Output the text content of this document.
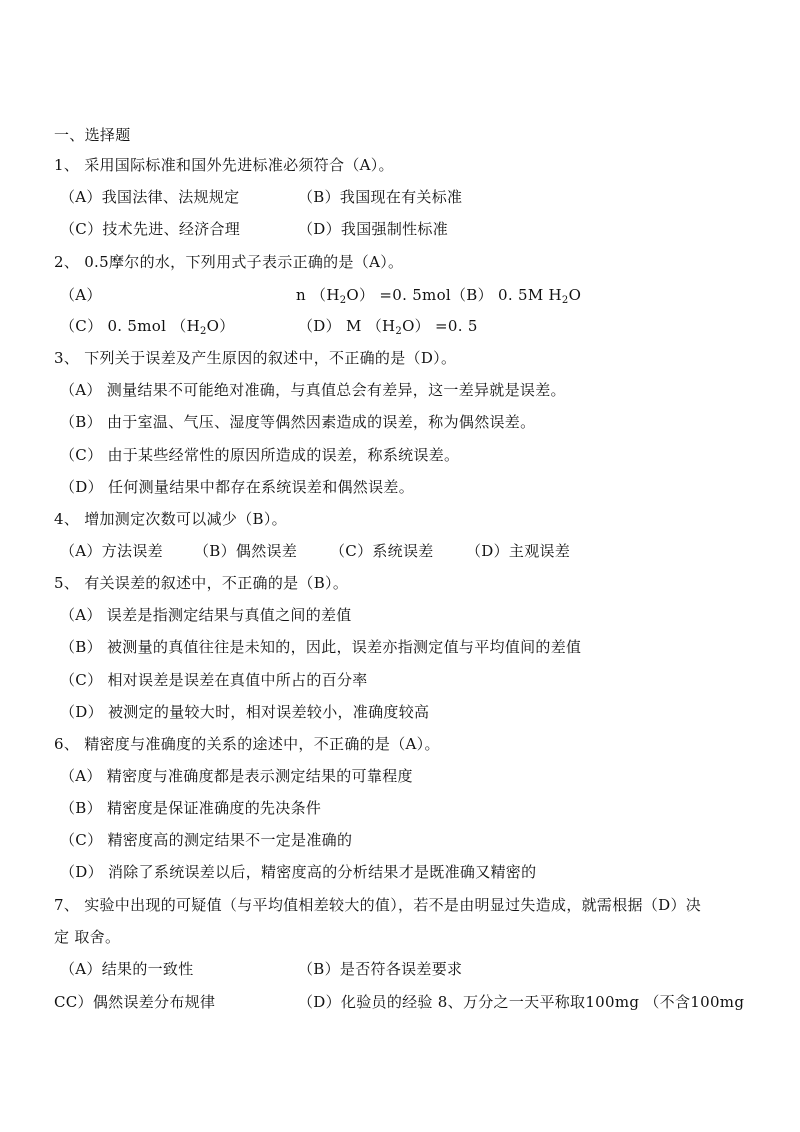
一、选择题
1、 采用国际标准和国外先进标准必须符合（A）。
（A）我国法律、法规规定	（B）我国现在有关标准
（C）技术先进、经济合理	（D）我国强制性标准
2、 0.5摩尔的水，下列用式子表示正确的是（A）。
（A）	n $(H_2O) =0$. 5mol（B） 0. 5M $H_2O$
（C） 0. 5mol $(H_2O)$	（D） M $(H_2O) =0$. 5
3、 下列关于误差及产生原因的叙述中，不正确的是（D）。
（A） 测量结果不可能绝对准确，与真值总会有差异，这一差异就是误差。
（B） 由于室温、气压、湿度等偶然因素造成的误差，称为偶然误差。
（C） 由于某些经常性的原因所造成的误差，称系统误差。
（D） 任何测量结果中都存在系统误差和偶然误差。
4、 增加测定次数可以减少（B）。
（A）方法误差 （B）偶然误差 （C）系统误差 （D）主观误差
5、 有关误差的叙述中，不正确的是（B）。
（A） 误差是指测定结果与真值之间的差值
（B） 被测量的真值往往是未知的，因此，误差亦指测定值与平均值间的差值
（C） 相对误差是误差在真值中所占的百分率
（D） 被测定的量较大时，相对误差较小，准确度较高
6、 精密度与准确度的关系的途述中，不正确的是（A）。
（A） 精密度与准确度都是表示测定结果的可靠程度
（B） 精密度是保证准确度的先决条件
（C） 精密度高的测定结果不一定是准确的
（D） 消除了系统误差以后，精密度高的分析结果才是既准确又精密的
7、 实验中出现的可疑值（与平均值相差较大的值），若不是由明显过失造成，就需根据（D）决
定 取舍。
（A）结果的一致性	（B）是否符各误差要求
CC）偶然误差分布规律	（D）化验员的经验 8、万分之一天平称取100mg （不含100mg
